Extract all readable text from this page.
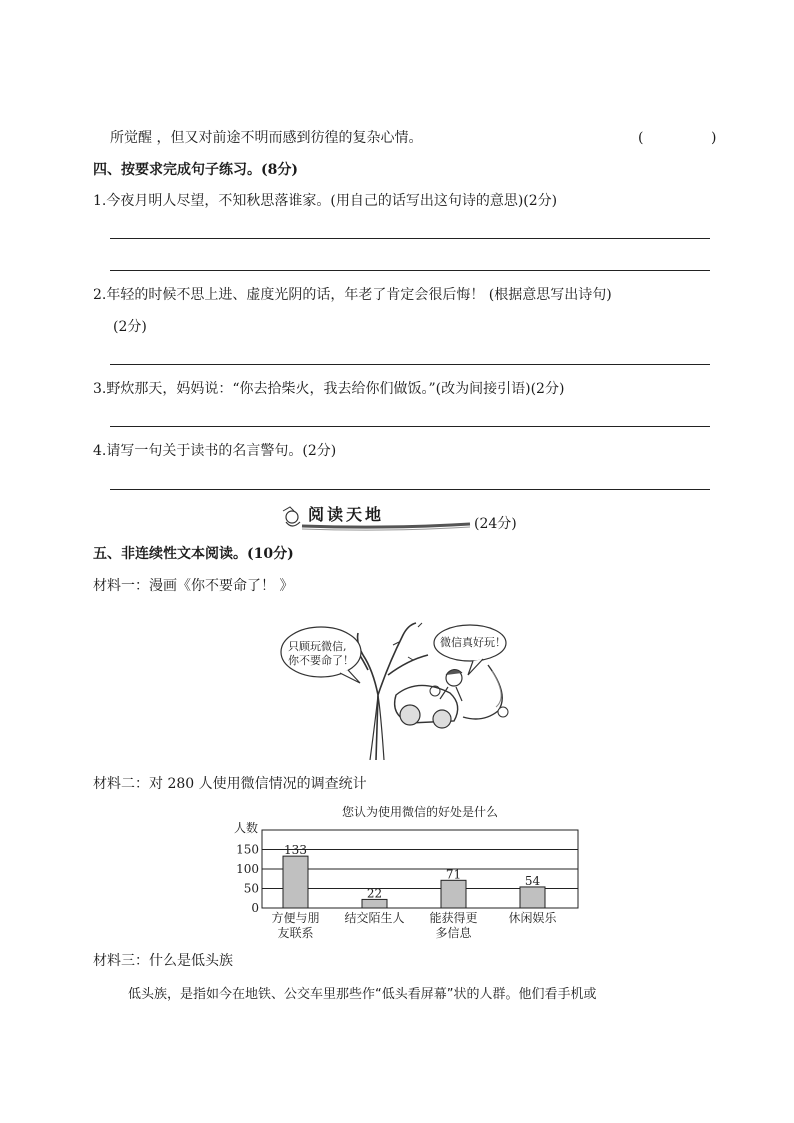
所觉醒 ，但又对前途不明而感到彷徨的复杂心情。	(	)
四、按要求完成句子练习。(8分)
1.今夜月明人尽望，不知秋思落谁家。(用自己的话写出这句诗的意思)(2分)
2.年轻的时候不思上进、虚度光阴的话，年老了肯定会很后悔！ (根据意思写出诗句)
(2分)
3.野炊那天，妈妈说：“你去拾柴火，我去给你们做饭。”(改为间接引语)(2分)
4.请写一句关于读书的名言警句。(2分)
阅读天地	(24分)
五、非连续性文本阅读。(10分)
材料一：漫画《你不要命了！ 》
只顾玩微信,
你不要命了！
微信真好玩！
材料二：对 280 人使用微信情况的调查统计
您认为使用微信的好处是什么
0
50
100
150
人数
133
方便与朋
友联系
22
结交陌生人
71
能获得更
多信息
54
休闲娱乐
材料三：什么是低头族
低头族，是指如今在地铁、公交车里那些作“低头看屏幕”状的人群。他们看手机或
